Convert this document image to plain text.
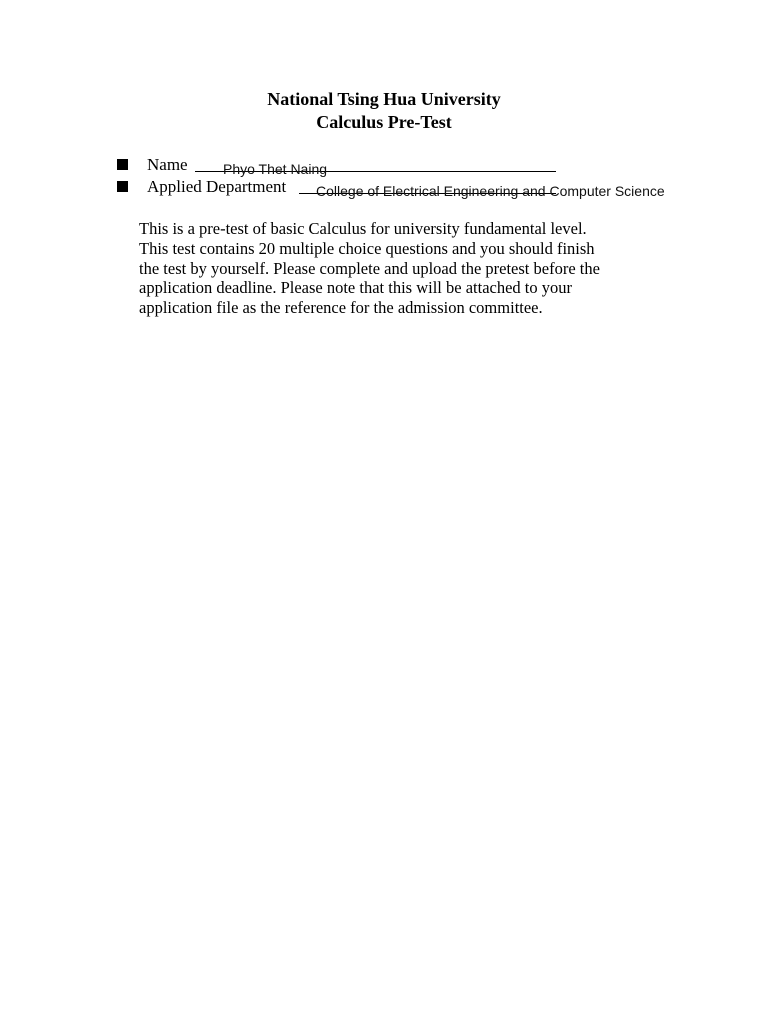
National Tsing Hua University
Calculus Pre-Test
Name	Phyo Thet Naing
Applied Department College of Electrical Engineering and Computer Science

This is a pre-test of basic Calculus for university fundamental level.
This test contains 20 multiple choice questions and you should finish
the test by yourself. Please complete and upload the pretest before the
application deadline. Please note that this will be attached to your
application file as the reference for the admission committee.
